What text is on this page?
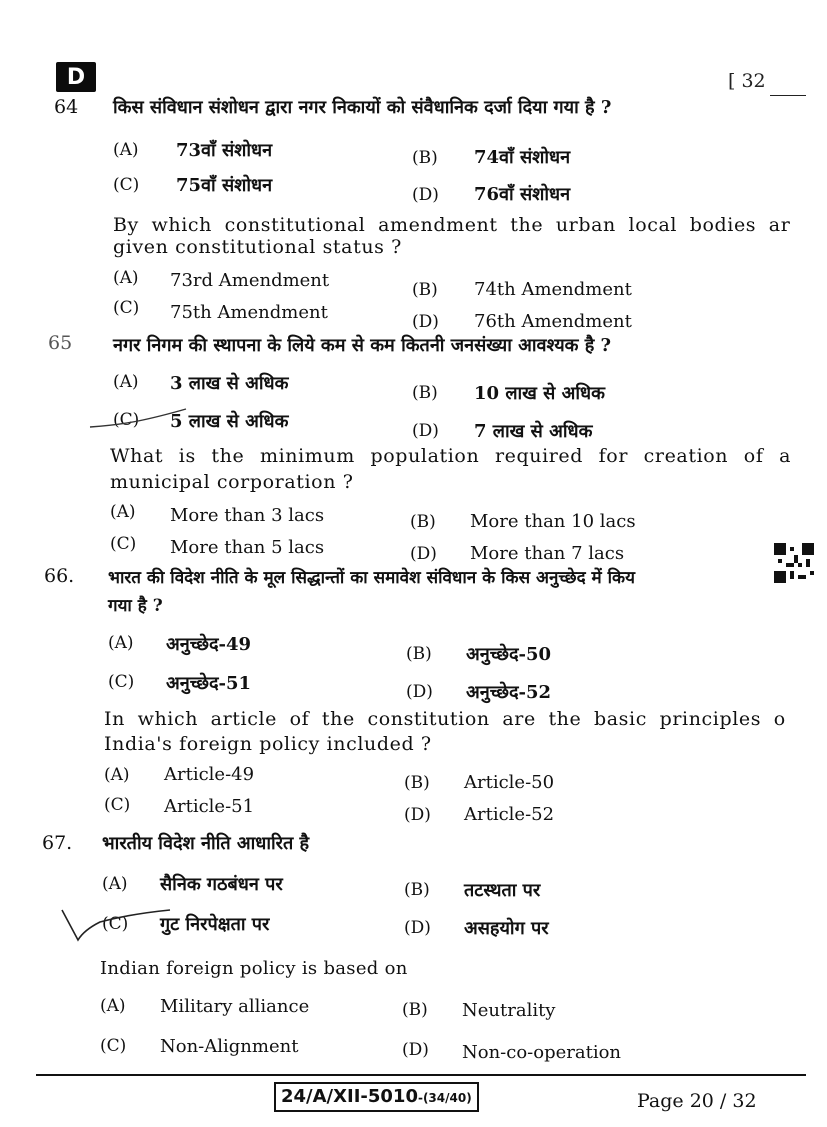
D	[ 32
64 किस संविधान संशोधन द्वारा नगर निकायों को संवैधानिक दर्जा दिया गया है ?
(A) 73वाँ संशोधन	(B) 74वाँ संशोधन
(C) 75वाँ संशोधन	(D) 76वाँ संशोधन
By which constitutional amendment the urban local bodies ar
given constitutional status ?
(A) 73rd Amendment	(B) 74th Amendment
(C) 75th Amendment	(D) 76th Amendment
65 नगर निगम की स्थापना के लिये कम से कम कितनी जनसंख्या आवश्यक है ?
(A) 3 लाख से अधिक	(B) 10 लाख से अधिक
(C) 5 लाख से अधिक	(D) 7 लाख से अधिक
What is the minimum population required for creation of a
municipal corporation ?
(A) More than 3 lacs	(B) More than 10 lacs
(C) More than 5 lacs	(D) More than 7 lacs
66. भारत की विदेश नीति के मूल सिद्धान्तों का समावेश संविधान के किस अनुच्छेद में किय
गया है ?
(A) अनुच्छेद-49	(B) अनुच्छेद-50
(C) अनुच्छेद-51	(D) अनुच्छेद-52
In which article of the constitution are the basic principles o
India's foreign policy included ?
(A) Article-49	(B) Article-50
(C) Article-51	(D) Article-52
67. भारतीय विदेश नीति आधारित है
(A) सैनिक गठबंधन पर	(B) तटस्थता पर
(C) गुट निरपेक्षता पर	(D) असहयोग पर
Indian foreign policy is based on
(A) Military alliance	(B) Neutrality
(C) Non-Alignment	(D) Non-co-operation
24/A/XII-5010-(34/40)	Page 20 / 32
